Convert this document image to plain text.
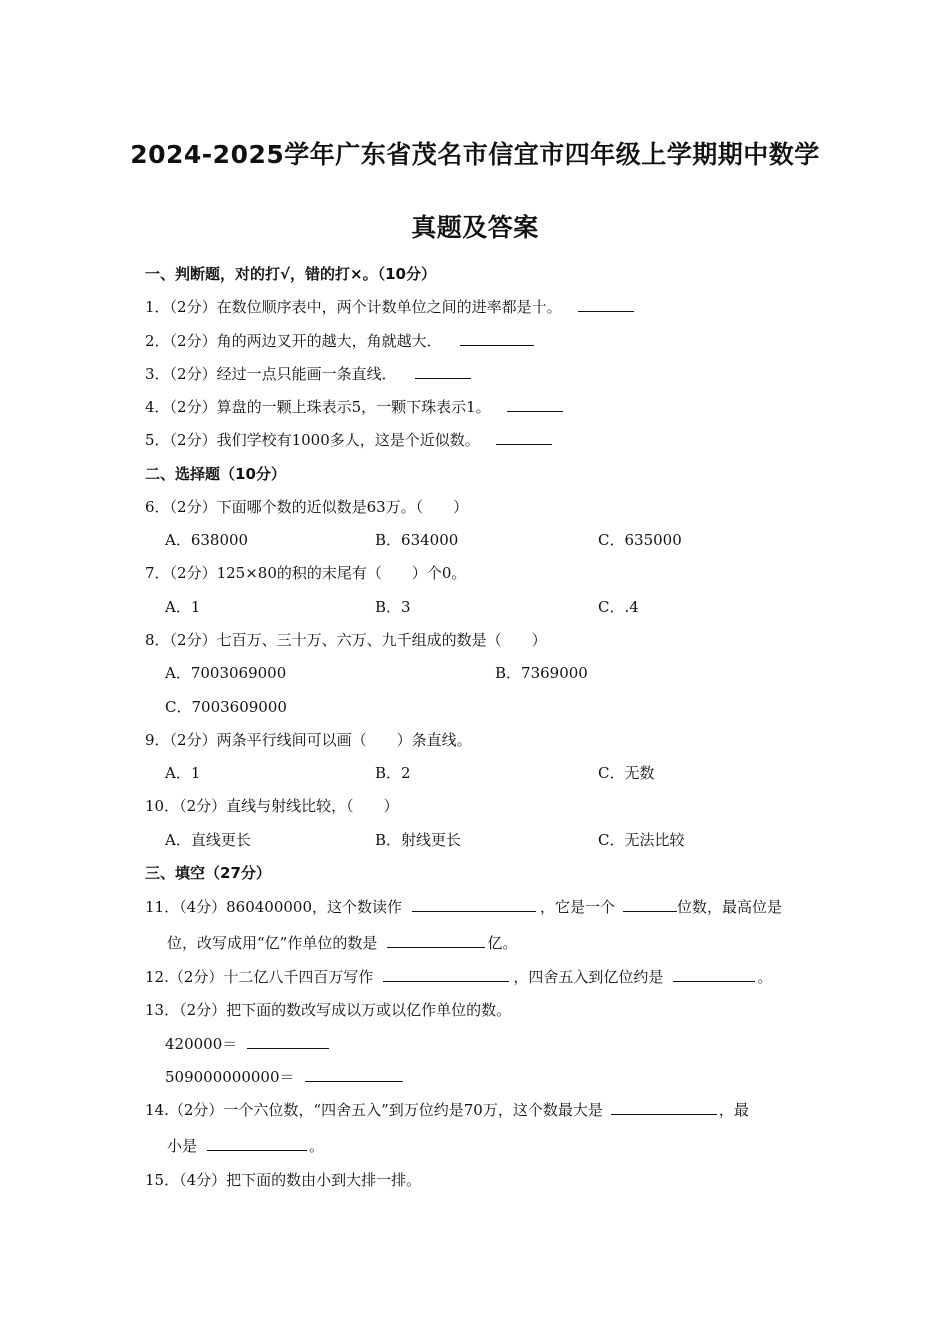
2024-2025学年广东省茂名市信宜市四年级上学期期中数学
真题及答案
一、判断题，对的打√，错的打×。（10分）
1．（2分）在数位顺序表中，两个计数单位之间的进率都是十。
2．（2分）角的两边叉开的越大，角就越大．
3．（2分）经过一点只能画一条直线．
4．（2分）算盘的一颗上珠表示5，一颗下珠表示1。
5．（2分）我们学校有1000多人，这是个近似数。
二、选择题（10分）
6．（2分）下面哪个数的近似数是63万。（　　）
A．638000	B．634000	C．635000
7．（2分）125×80的积的末尾有（　　）个0。
A．1	B．3	C．.4
8．（2分）七百万、三十万、六万、九千组成的数是（　　）
A．7003069000	B．7369000
C．7003609000
9．（2分）两条平行线间可以画（　　）条直线。
A．1	B．2	C．无数
10．（2分）直线与射线比较，（　　）
A．直线更长	B．射线更长	C．无法比较
三、填空（27分）
11．（4分）860400000，这个数读作	，它是一个	位数，最高位是
位，改写成用“亿”作单位的数是	亿。
12.（2分）十二亿八千四百万写作	，四舍五入到亿位约是	。
13．（2分）把下面的数改写成以万或以亿作单位的数。
420000＝
509000000000＝
14.（2分）一个六位数，“四舍五入”到万位约是70万，这个数最大是	，最
小是	。
15．（4分）把下面的数由小到大排一排。
